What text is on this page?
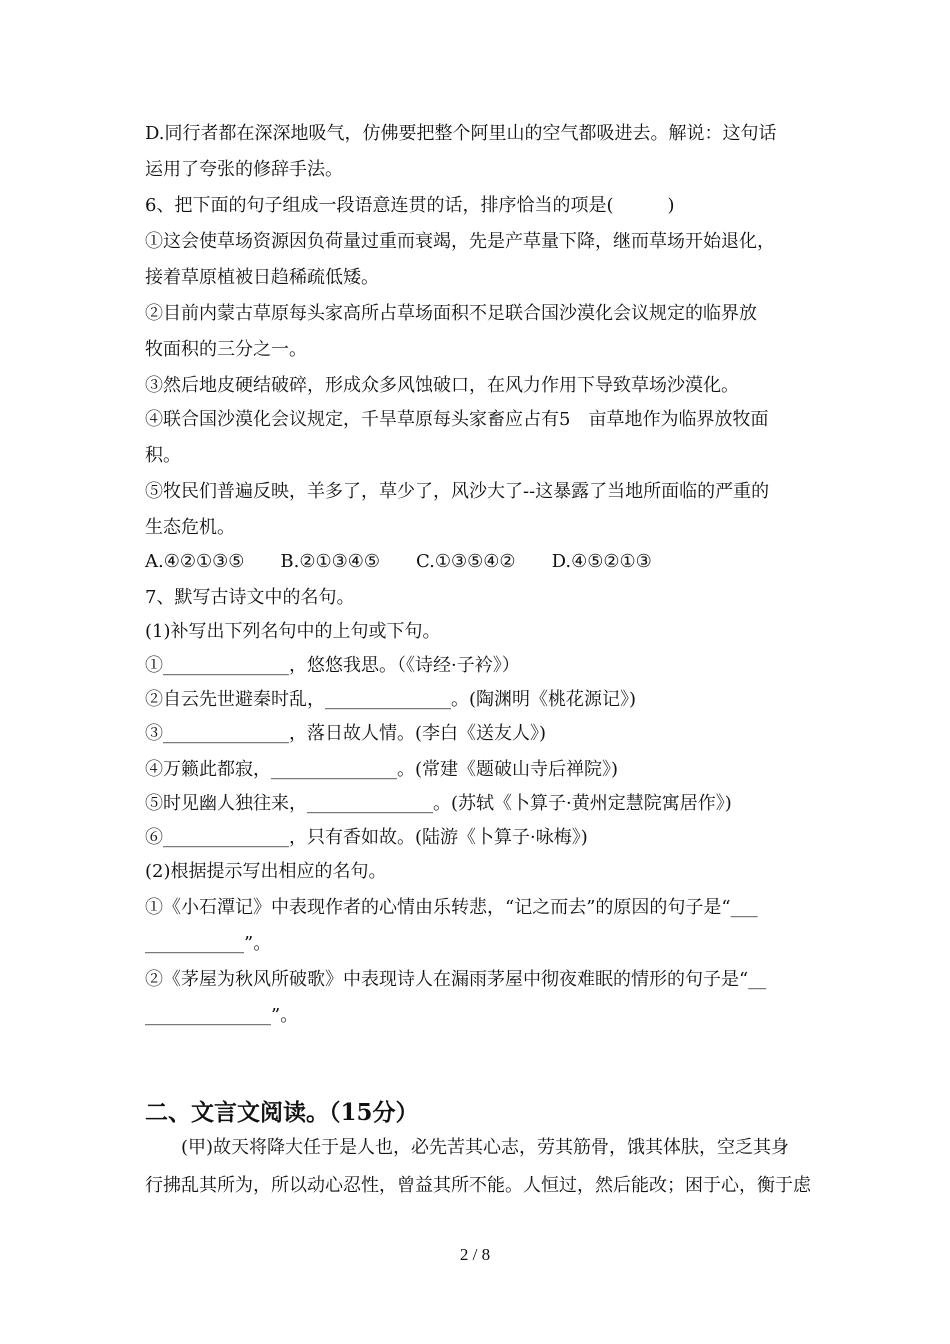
D.同行者都在深深地吸气，仿佛要把整个阿里山的空气都吸进去。解说：这句话
运用了夸张的修辞手法。
6、把下面的句子组成一段语意连贯的话，排序恰当的项是(　　　)
①这会使草场资源因负荷量过重而衰竭，先是产草量下降，继而草场开始退化，
接着草原植被日趋稀疏低矮。
②目前内蒙古草原每头家高所占草场面积不足联合国沙漠化会议规定的临界放
牧面积的三分之一。
③然后地皮硬结破碎，形成众多风蚀破口，在风力作用下导致草场沙漠化。
④联合国沙漠化会议规定，千旱草原每头家畜应占有5　亩草地作为临界放牧面
积。
⑤牧民们普遍反映，羊多了，草少了，风沙大了--这暴露了当地所面临的严重的
生态危机。
A.④②①③⑤　　B.②①③④⑤　　C.①③⑤④②　　D.④⑤②①③
7、默写古诗文中的名句。
(1)补写出下列名句中的上句或下句。
①______________，悠悠我思。（《诗经·子衿》）
②自云先世避秦时乱，______________。(陶渊明《桃花源记》)
③______________，落日故人情。(李白《送友人》)
④万籁此都寂，______________。(常建《题破山寺后禅院》)
⑤时见幽人独往来，______________。(苏轼《卜算子·黄州定慧院寓居作》)
⑥______________，只有香如故。(陆游《卜算子·咏梅》)
(2)根据提示写出相应的名句。
①《小石潭记》中表现作者的心情由乐转悲，“记之而去”的原因的句子是“___
___________”。
②《茅屋为秋风所破歌》中表现诗人在漏雨茅屋中彻夜难眠的情形的句子是“__
______________”。
二、文言文阅读。（15分）
　　(甲)故天将降大任于是人也，必先苦其心志，劳其筋骨，饿其体肤，空乏其身
行拂乱其所为，所以动心忍性，曾益其所不能。人恒过，然后能改；困于心，衡于虑
2 / 8
